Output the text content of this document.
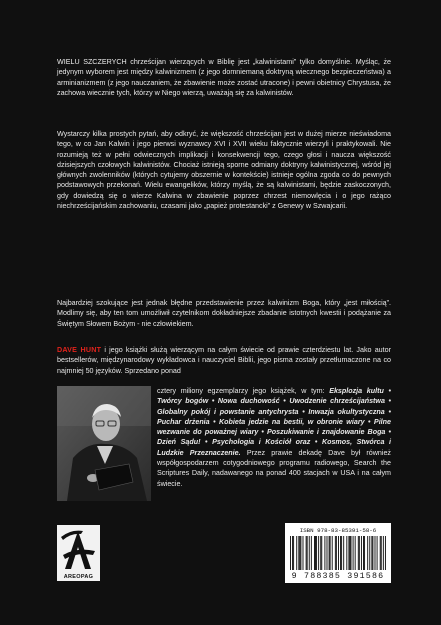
WIELU SZCZERYCH chrześcijan wierzących w Biblię jest „kalwinistami” tylko domyślnie. Myśląc, że jedynym wyborem jest między kalwinizmem (z jego domniemaną doktryną wiecznego bezpieczeństwa) a arminianizmem (z jego nauczaniem, że zbawienie może zostać utracone) i pewni obietnicy Chrystusa, że zachowa wiecznie tych, którzy w Niego wierzą, uważają się za kalwinistów.
Wystarczy kilka prostych pytań, aby odkryć, że większość chrześcijan jest w dużej mierze nieświadoma tego, w co Jan Kalwin i jego pierwsi wyznawcy XVI i XVII wieku faktycznie wierzyli i praktykowali. Nie rozumieją też w pełni odwiecznych implikacji i konsekwencji tego, czego głosi i naucza większość dzisiejszych czołowych kalwinistów. Chociaż istnieją sporne odmiany doktryny kalwinistycznej, wśród jej głównych zwolenników (których cytujemy obszernie w kontekście) istnieje ogólna zgoda co do pewnych podstawowych przekonań. Wielu ewangelików, którzy myślą, że są kalwinistami, będzie zaskoczonych, gdy dowiedzą się o wierze Kalwina w zbawienie poprzez chrzest niemowlęcia i o jego rażąco niechrześcijańskim zachowaniu, czasami jako „papież protestancki” z Genewy w Szwajcarii.
Najbardziej szokujące jest jednak błędne przedstawienie przez kalwinizm Boga, który „jest miłością”. Modlimy się, aby ten tom umożliwił czytelnikom dokładniejsze zbadanie istotnych kwestii i podążanie za Świętym Słowem Bożym - nie człowiekiem.
DAVE HUNT i jego książki służą wierzącym na całym świecie od prawie czterdziestu lat. Jako autor bestsellerów, międzynarodowy wykładowca i nauczyciel Biblii, jego pisma zostały przetłumaczone na co najmniej 50 języków. Sprzedano ponad
cztery miliony egzemplarzy jego książek, w tym: Eksplozja kultu • Twórcy bogów • Nowa duchowość • Uwodzenie chrześcijaństwa • Globalny pokój i powstanie antychrysta • Inwazja okultystyczna • Puchar drżenia • Kobieta jedzie na bestii, w obronie wiary • Pilne wezwanie do poważnej wiary • Poszukiwanie i znajdowanie Boga • Dzień Sądu! • Psychologia i Kościół oraz • Kosmos, Stwórca i Ludzkie Przeznaczenie. Przez prawie dekadę Dave był również współgospodarzem cotygodniowego programu radiowego, Search the Scriptures Daily, nadawanego na ponad 400 stacjach w USA i na całym świecie.
AREOPAG
ISBN 978-83-85391-58-6
9 788385 391586
